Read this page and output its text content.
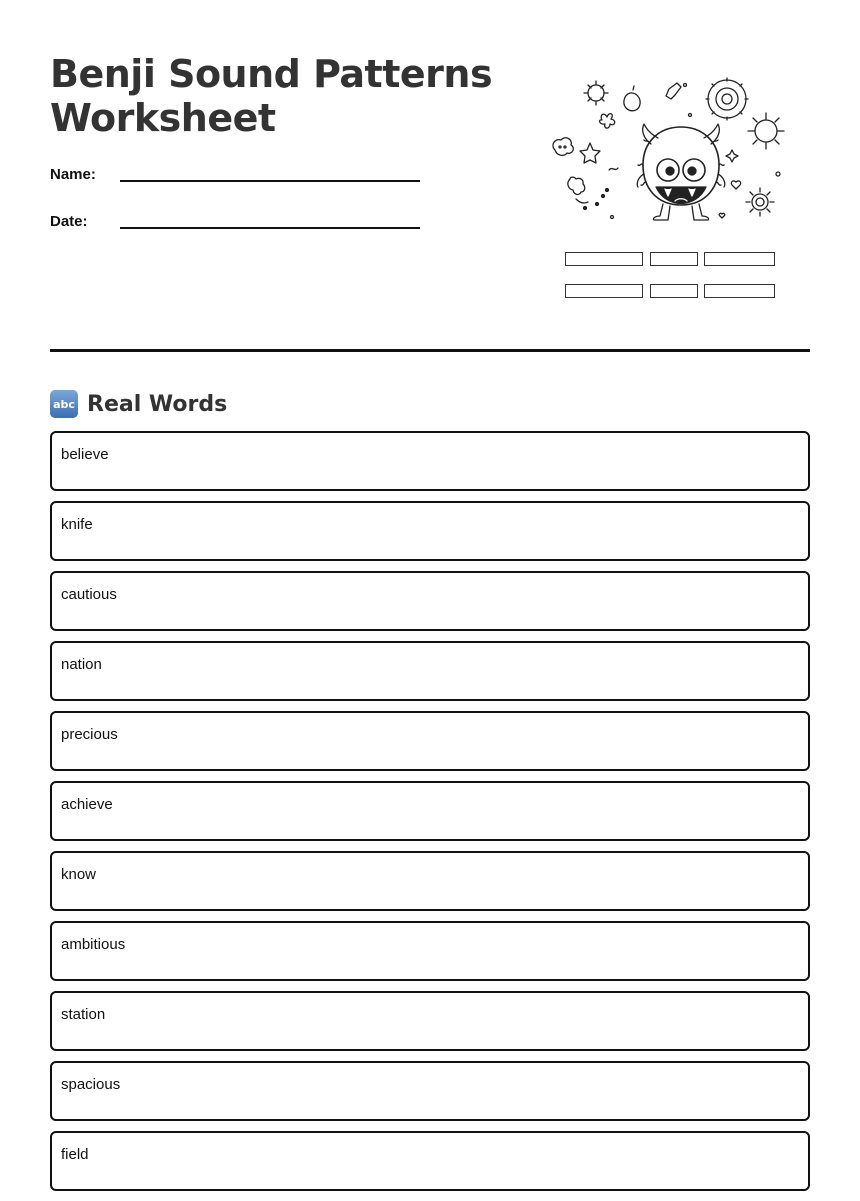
Benji Sound Patterns Worksheet
Name:
Date:
abc Real Words
believe
knife
cautious
nation
precious
achieve
know
ambitious
station
spacious
field
